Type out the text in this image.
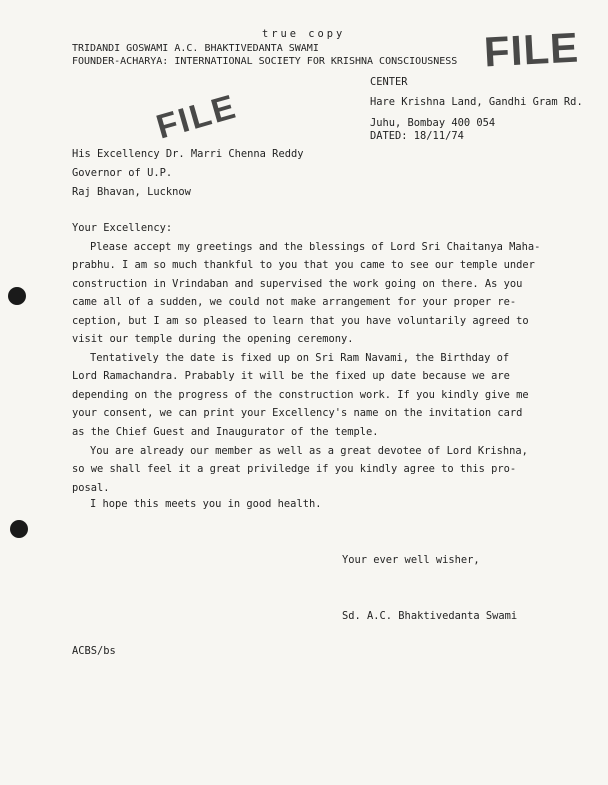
true copy
TRIDANDI GOSWAMI A.C. BHAKTIVEDANTA SWAMI
FOUNDER-ACHARYA: INTERNATIONAL SOCIETY FOR KRISHNA CONSCIOUSNESS FILE
FILE
CENTER
Hare Krishna Land, Gandhi Gram Rd.
Juhu, Bombay 400 054
DATED: 18/11/74
His Excellency Dr. Marri Chenna Reddy
Governor of U.P.
Raj Bhavan, Lucknow
Your Excellency:
Please accept my greetings and the blessings of Lord Sri Chaitanya Maha-
prabhu. I am so much thankful to you that you came to see our temple under
construction in Vrindaban and supervised the work going on there. As you
came all of a sudden, we could not make arrangement for your proper re-
ception, but I am so pleased to learn that you have voluntarily agreed to
visit our temple during the opening ceremony.
Tentatively the date is fixed up on Sri Ram Navami, the Birthday of
Lord Ramachandra. Prabably it will be the fixed up date because we are
depending on the progress of the construction work. If you kindly give me
your consent, we can print your Excellency's name on the invitation card
as the Chief Guest and Inaugurator of the temple.
You are already our member as well as a great devotee of Lord Krishna,
so we shall feel it a great priviledge if you kindly agree to this pro-
posal.
I hope this meets you in good health.
Your ever well wisher,
Sd. A.C. Bhaktivedanta Swami
ACBS/bs
